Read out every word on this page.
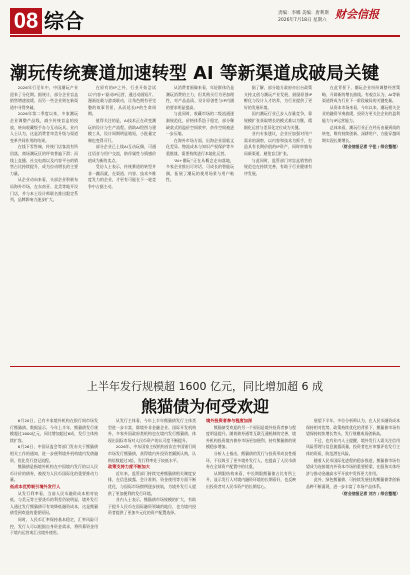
08 综合	责编：李娜 美编：唐利斯
2026年7月18日 星期六 财会信报
潮玩传统赛道加速转型 AI 等新渠道成破局关键

2026年行至年中，中国潮玩产业迎来了分化期。据统计，部分企业盲盒销售增速放缓，而另一些企业则在新渠道中寻得突破。

2026年第二季度以来，多家潮玩企业调整产品线，减少传统盲盒的投放，转向收藏级手办与互动玩具。业内人士认为，这是消费者审美升级与渠道变革共同作用的结果。

在线下零售端，传统门店客流有所回落，商场潮玩区的坪效普遍下滑；而线上直播、社交电商以及内容平台的销售占比持续提升，成为拉动增长的主要力量。

从企业动向来看，头部企业积极布局海外市场，在东南亚、北美等地开设门店，并与本土设计师联名推出限定系列，品牌影响力逐步扩大。

在原有的IP之外，行业开始尝试以‘内容+’驱动IP运营，通过动画短片、漫画连载与游戏联动，让角色拥有更完整的故事背景，从而延长IP的生命周期。

值得关注的是，AI技术正在改变潮玩的设计与生产流程。借助AI绘图与建模工具，设计周期明显缩短，小批量定制也变得可行。

部分企业已上线AI互动玩偶，可通过语音与用户交流，陪伴属性与情感价值成为新的卖点。

受访人士表示，传统赛道的转型并非一蹴而就，在渠道、内容、技术多维度发力的企业，才更有可能在下一轮竞争中占据主动。

从消费者画像来看，年轻群体仍是潮玩消费的主力，但其购买行为更加理性，对产品品质、设计原创性与IP内涵的要求明显提高。

与此同时，收藏市场的二级流通逐渐规范化，价格体系趋于稳定，部分稀缺款式的溢价空间收窄，炒作空间被进一步压缩。

在海外市场方面，出海企业面临文化差异、物流成本与知识产权保护等多重挑战，需要持续进行本地化运营。

“AI+潮玩”正在从概念走向落地，多家企业推出可对话、可成长的智能玩偶，拓展了潮玩的使用场景与用户粘性。

据了解，部分地方政府亦出台政策支持文创与潮玩产业发展，鼓励原创IP孵化与设计人才培养，为行业提供了更好的发展环境。

国内潮玩行业已步入存量竞争，靠规模扩张获取增长的模式难以为继，精细化运营与差异化定位成为关键。

业内专家建议，企业应加强对用户需求的洞察，以内容和技术为抓手，打造具有长期价值的IP资产，同时审慎布局新渠道，避免盲目扩张。

与此同时，监管部门对盲盒销售的规范也在持续完善，有助于行业健康有序发展。

在此背景下，潮玩企业纷纷调整经营策略，开辟新的增长曲线。有观点认为，AI等新渠道将成为行业下一阶段破局的关键变量。

从资本市场来看，今年以来，潮玩相关企业的融资节奏放缓，投资方更关注企业的盈利能力与IP运营能力。

总体来看，潮玩行业正在经历由量到质的转变，唯有持续创新、深耕用户，方能穿越周期实现长期增长。

（财会信报记者 宁佳 / 综合整理）

上半年发行规模超 1600 亿元，同比增加超 6 成
熊猫债为何受欢迎

6月20日，已有多家境外机构在银行间市场发行熊猫债。数据显示，今年上半年，熊猫债发行规模超过1600亿元，同比增加超过6成，发行主体持续扩容。

6月26日，中国证监会等部门发布关于熊猫债相关工作的通知，进一步便利境外机构境内发债融资，优化发行登记流程。

熊猫债是指境外机构在中国境内发行的以人民币计价的债券，被视为人民币国际化的重要推动力量。

低成本优势吸引境外发行人

从发行利率看，当前人民币融资成本相对较低，与美元等主要货币的利差仍较明显，境外发行人通过发行熊猫债可有效降低融资成本，这是熊猫债受到欢迎的重要原因。

同时，人民币汇率保持基本稳定，汇率风险可控，发行人可以根据自身资金需求，将所募资金用于境内运营或汇出境外使用。

从发行主体看，今年上半年熊猫债发行主体类型进一步丰富，除境外非金融企业、国际开发机构外，多家外国政府类机构也在境内发行熊猫债，体现出国际市场对人民币资产的认可度不断提升。

2026年，中东国家主权机构首次在中国银行间市场发行熊猫债，获得境内外投资者踊跃认购，认购倍数超过3倍，发行利率处于较低水平。

政策支持力度不断加大

近年来，监管部门持续完善熊猫债相关制度安排，在信息披露、会计准则、资金使用等方面不断优化，与国际市场惯例逐步接轨，为境外发行人提供了更加便利的发行环境。

业内人士表示，熊猫债市场规模的扩大，有助于提升人民币在国际融资领域的地位，也为境内投资者提供了更加多元化的资产配置选择。

境外投资者参与程度加深

熊猫债受欢迎的另一个原因是境外投资者参与程度明显提升。随着债券通等互联互通机制的完善，境外机构投资境内债券市场更加便利，持有熊猫债的规模稳步增加。

分析人士指出，熊猫债的发行与投资形成良性循环，不仅吸引了更多境外发行人，也提高了人民币债券在全球资产配置中的比重。

从期限结构来看，中长期限熊猫债占比有所上升，显示发行人对境内融资环境的长期看好，也反映出投资者对人民币资产的长期信心。

展望下半年，多位分析师认为，在人民币融资成本保持相对优势、政策持续优化的背景下，熊猫债市场有望保持较快增长势头，发行规模或再创新高。

不过，也有业内人士提醒，境外发行人需关注信用风险管理与信息披露质量，投资者也应审慎评估发行主体的资质，防范潜在风险。

随着人民币国际化进程的稳步推进，熊猫债市场有望成为连接境内外资本市场的重要桥梁，在服务实体经济与推动金融高水平开放中发挥更大作用。

此外，绿色熊猫债、可持续发展挂钩熊猫债等创新品种不断涌现，进一步丰富了市场产品体系。

（财会信报记者 刘方 / 综合整理）
